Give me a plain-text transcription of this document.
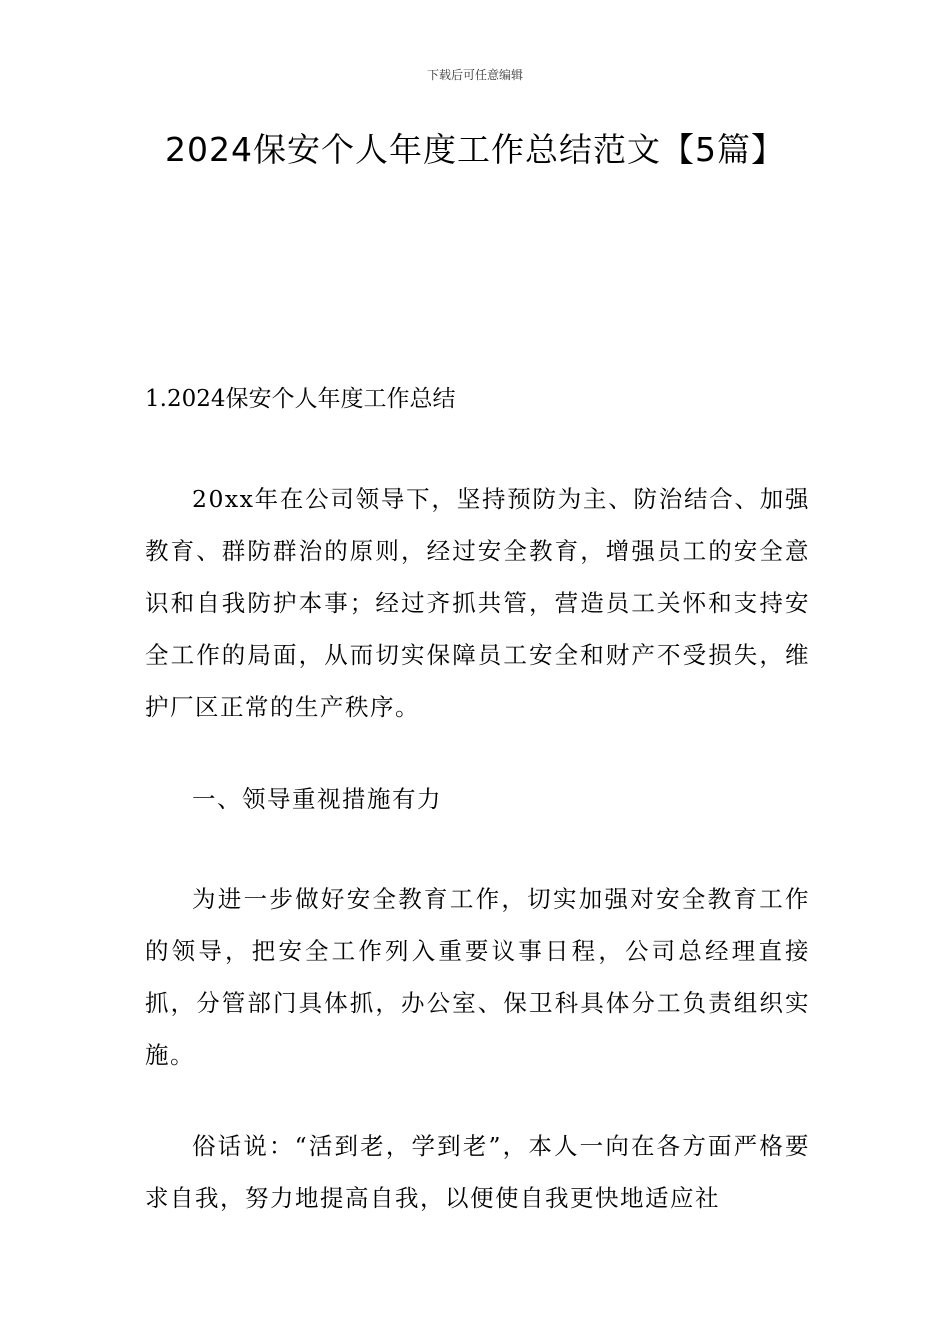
下载后可任意编辑
2024保安个人年度工作总结范文【5篇】
1.2024保安个人年度工作总结

20xx年在公司领导下，坚持预防为主、防治结合、加强教育、群防群治的原则，经过安全教育，增强员工的安全意识和自我防护本事；经过齐抓共管，营造员工关怀和支持安全工作的局面，从而切实保障员工安全和财产不受损失，维护厂区正常的生产秩序。

一、领导重视措施有力

为进一步做好安全教育工作，切实加强对安全教育工作的领导，把安全工作列入重要议事日程，公司总经理直接抓，分管部门具体抓，办公室、保卫科具体分工负责组织实施。

俗话说：“活到老，学到老”，本人一向在各方面严格要求自我，努力地提高自我，以便使自我更快地适应社
